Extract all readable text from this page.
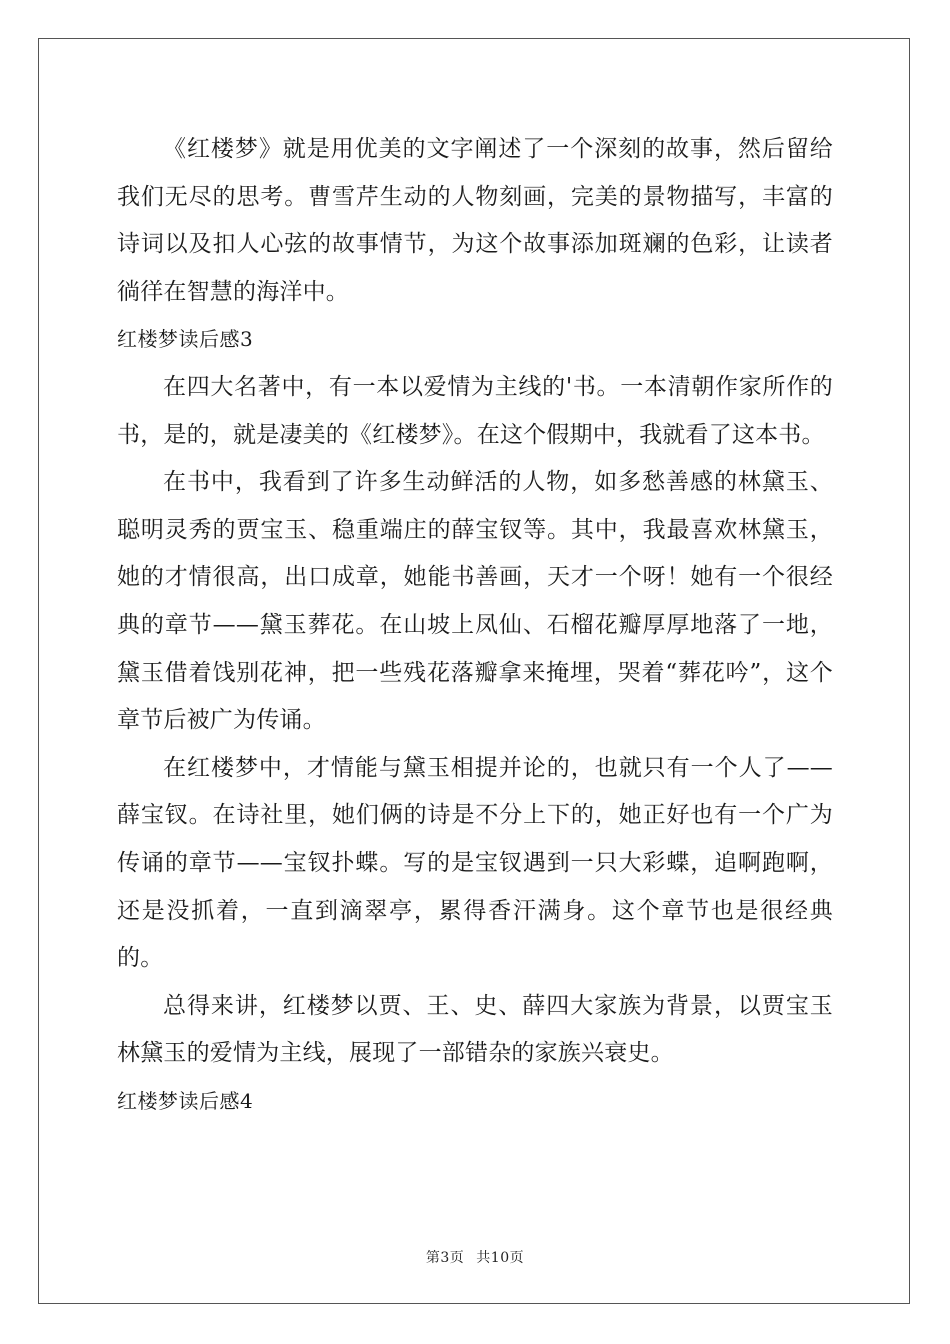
《红楼梦》就是用优美的文字阐述了一个深刻的故事，然后留给我们无尽的思考。曹雪芹生动的人物刻画，完美的景物描写，丰富的诗词以及扣人心弦的故事情节，为这个故事添加斑斓的色彩，让读者徜徉在智慧的海洋中。

红楼梦读后感3

在四大名著中，有一本以爱情为主线的'书。一本清朝作家所作的书，是的，就是凄美的《红楼梦》。在这个假期中，我就看了这本书。

在书中，我看到了许多生动鲜活的人物，如多愁善感的林黛玉、聪明灵秀的贾宝玉、稳重端庄的薛宝钗等。其中，我最喜欢林黛玉，她的才情很高，出口成章，她能书善画，天才一个呀！她有一个很经典的章节——黛玉葬花。在山坡上凤仙、石榴花瓣厚厚地落了一地，黛玉借着饯别花神，把一些残花落瓣拿来掩埋，哭着“葬花吟”，这个章节后被广为传诵。

在红楼梦中，才情能与黛玉相提并论的，也就只有一个人了——薛宝钗。在诗社里，她们俩的诗是不分上下的，她正好也有一个广为传诵的章节——宝钗扑蝶。写的是宝钗遇到一只大彩蝶，追啊跑啊，还是没抓着，一直到滴翠亭，累得香汗满身。这个章节也是很经典的。

总得来讲，红楼梦以贾、王、史、薛四大家族为背景，以贾宝玉林黛玉的爱情为主线，展现了一部错杂的家族兴衰史。

红楼梦读后感4

第3页 共10页
